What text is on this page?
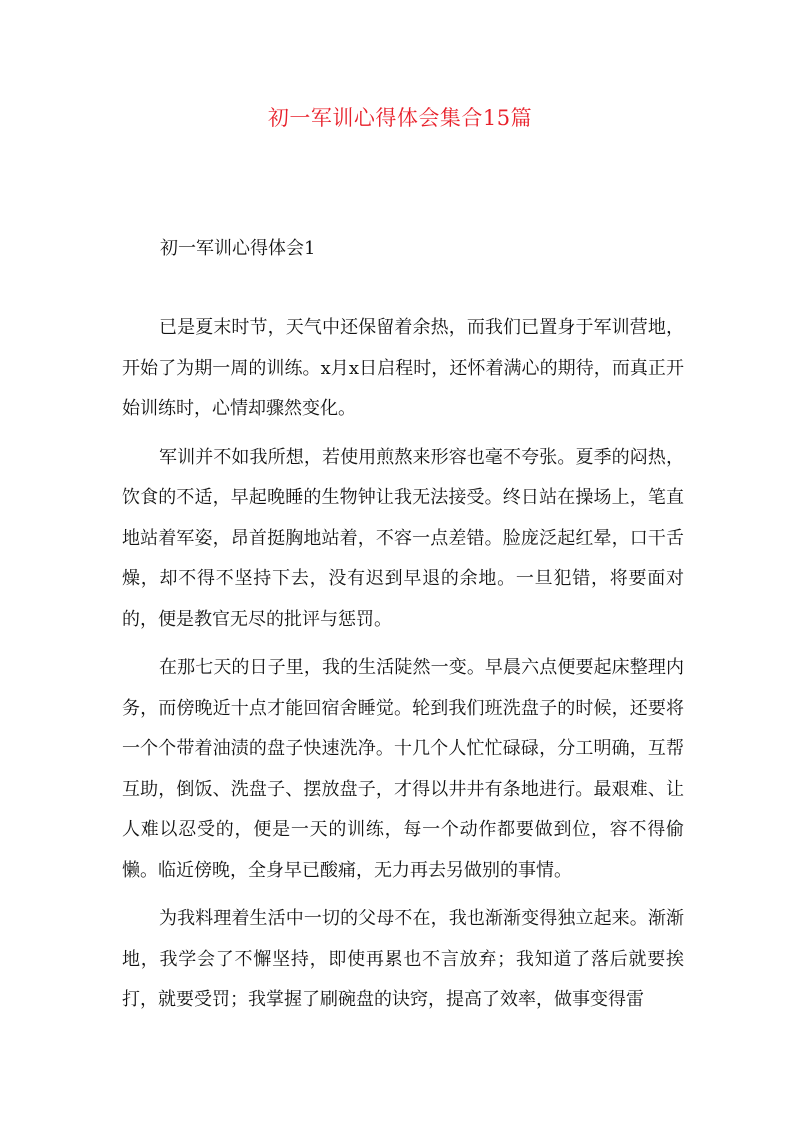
初一军训心得体会集合15篇
初一军训心得体会1

已是夏末时节，天气中还保留着余热，而我们已置身于军训营地，开始了为期一周的训练。x月x日启程时，还怀着满心的期待，而真正开始训练时，心情却骤然变化。

军训并不如我所想，若使用煎熬来形容也毫不夸张。夏季的闷热，饮食的不适，早起晚睡的生物钟让我无法接受。终日站在操场上，笔直地站着军姿，昂首挺胸地站着，不容一点差错。脸庞泛起红晕，口干舌燥，却不得不坚持下去，没有迟到早退的余地。一旦犯错，将要面对的，便是教官无尽的批评与惩罚。

在那七天的日子里，我的生活陡然一变。早晨六点便要起床整理内务，而傍晚近十点才能回宿舍睡觉。轮到我们班洗盘子的时候，还要将一个个带着油渍的盘子快速洗净。十几个人忙忙碌碌，分工明确，互帮互助，倒饭、洗盘子、摆放盘子，才得以井井有条地进行。最艰难、让人难以忍受的，便是一天的训练，每一个动作都要做到位，容不得偷懒。临近傍晚，全身早已酸痛，无力再去另做别的事情。

为我料理着生活中一切的父母不在，我也渐渐变得独立起来。渐渐地，我学会了不懈坚持，即使再累也不言放弃；我知道了落后就要挨打，就要受罚；我掌握了刷碗盘的诀窍，提高了效率，做事变得雷
